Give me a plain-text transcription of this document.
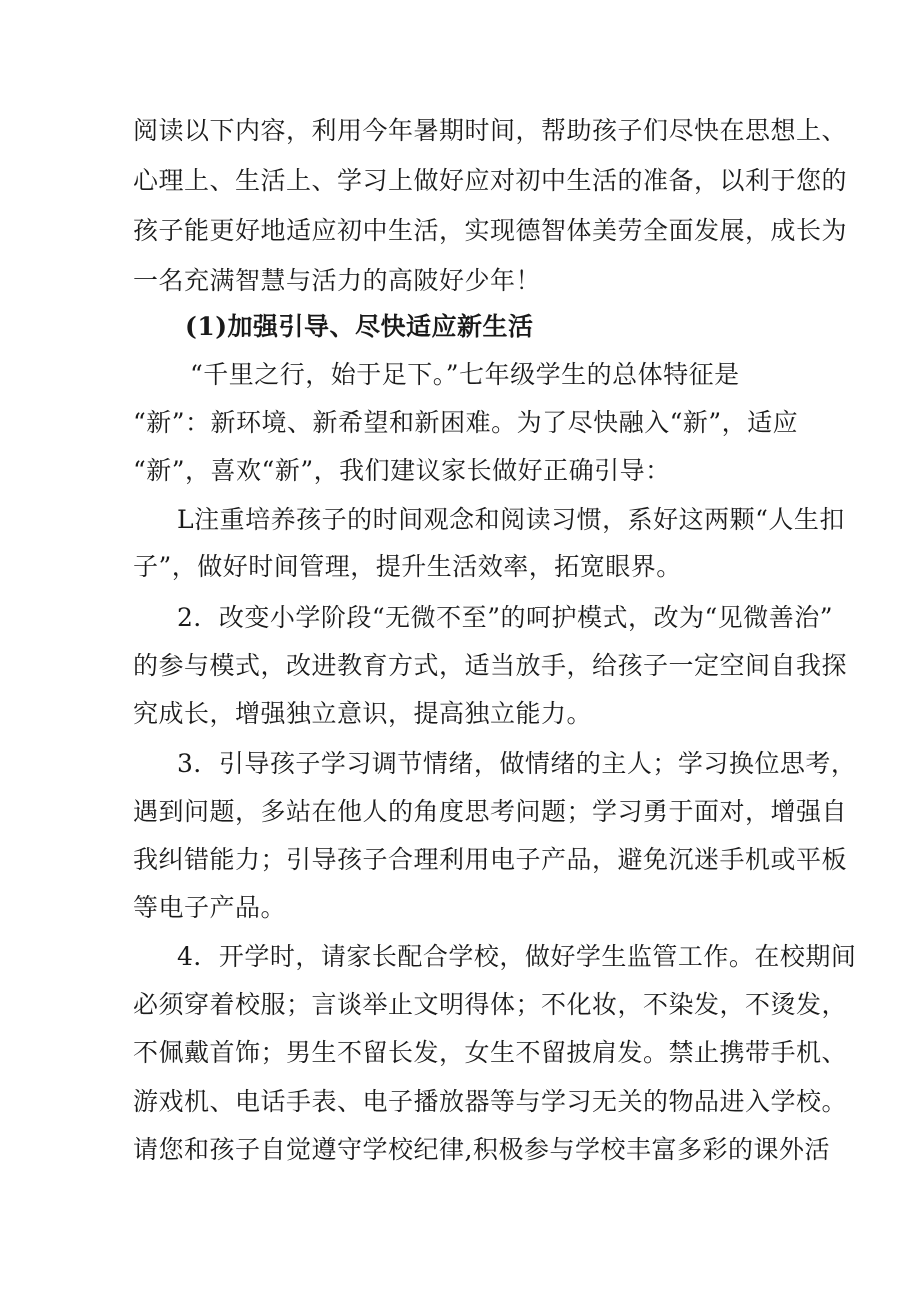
阅读以下内容，利用今年暑期时间，帮助孩子们尽快在思想上、
心理上、生活上、学习上做好应对初中生活的准备，以利于您的
孩子能更好地适应初中生活，实现德智体美劳全面发展，成长为
一名充满智慧与活力的高陂好少年！
(1)加强引导、尽快适应新生活
“千里之行，始于足下。”七年级学生的总体特征是
“新”：新环境、新希望和新困难。为了尽快融入“新”，适应
“新”，喜欢“新”，我们建议家长做好正确引导：
L注重培养孩子的时间观念和阅读习惯，系好这两颗“人生扣
子”，做好时间管理，提升生活效率，拓宽眼界。
2．改变小学阶段“无微不至”的呵护模式，改为“见微善治”
的参与模式，改进教育方式，适当放手，给孩子一定空间自我探
究成长，增强独立意识，提高独立能力。
3．引导孩子学习调节情绪，做情绪的主人；学习换位思考，
遇到问题，多站在他人的角度思考问题；学习勇于面对，增强自
我纠错能力；引导孩子合理利用电子产品，避免沉迷手机或平板
等电子产品。
4．开学时，请家长配合学校，做好学生监管工作。在校期间
必须穿着校服；言谈举止文明得体；不化妆，不染发，不烫发，
不佩戴首饰；男生不留长发，女生不留披肩发。禁止携带手机、
游戏机、电话手表、电子播放器等与学习无关的物品进入学校。
请您和孩子自觉遵守学校纪律,积极参与学校丰富多彩的课外活
